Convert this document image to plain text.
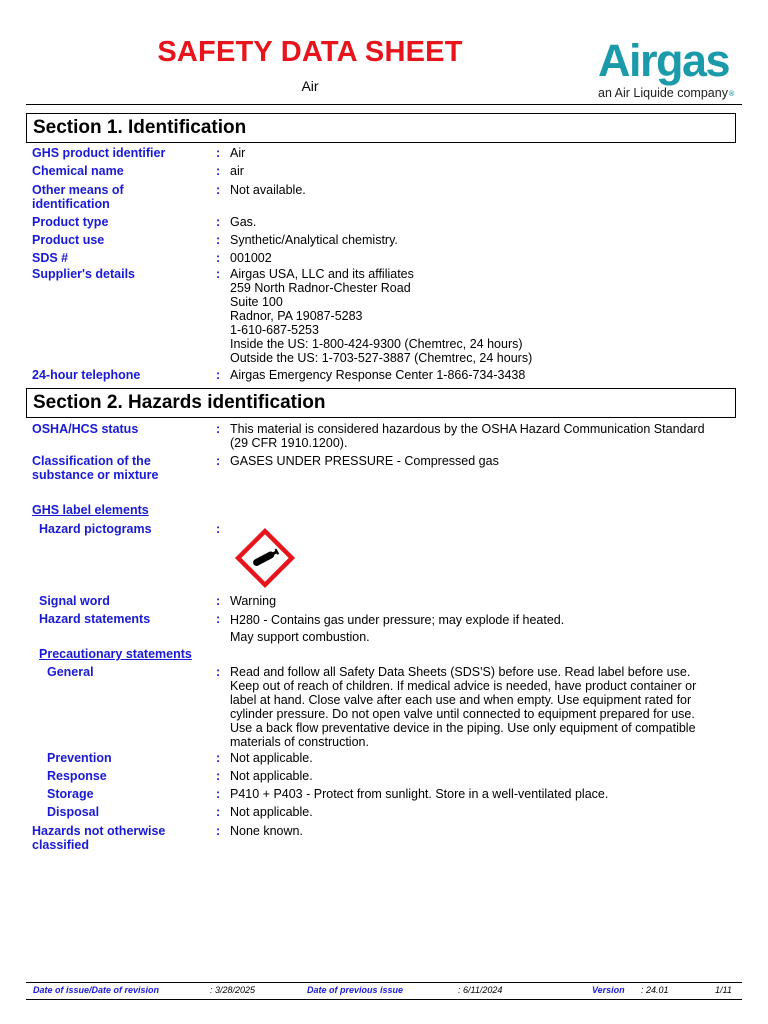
SAFETY DATA SHEET
Air	Airgas®
an Air Liquide company
Section 1. Identification
GHS product identifier	: Air
Chemical name	: air
Other means of
identification
: Not available.
Product type	: Gas.
Product use	: Synthetic/Analytical chemistry.
SDS #	: 001002
Supplier's details	: Airgas USA, LLC and its affiliates
259 North Radnor-Chester Road
Suite 100
Radnor, PA 19087-5283
1-610-687-5253
Inside the US: 1-800-424-9300 (Chemtrec, 24 hours)
Outside the US: 1-703-527-3887 (Chemtrec, 24 hours)
24-hour telephone	: Airgas Emergency Response Center 1-866-734-3438
Section 2. Hazards identification
OSHA/HCS status	: This material is considered hazardous by the OSHA Hazard Communication Standard
(29 CFR 1910.1200).
Classification of the
substance or mixture
: GASES UNDER PRESSURE - Compressed gas
GHS label elements
Hazard pictograms	:
Signal word	: Warning
Hazard statements	: H280 - Contains gas under pressure; may explode if heated.
May support combustion.
Precautionary statements
General	: Read and follow all Safety Data Sheets (SDS'S) before use. Read label before use.
Keep out of reach of children. If medical advice is needed, have product container or
label at hand. Close valve after each use and when empty. Use equipment rated for
cylinder pressure. Do not open valve until connected to equipment prepared for use.
Use a back flow preventative device in the piping. Use only equipment of compatible
materials of construction.
Prevention	: Not applicable.
Response	: Not applicable.
Storage	: P410 + P403 - Protect from sunlight. Store in a well-ventilated place.
Disposal	: Not applicable.
Hazards not otherwise
classified
: None known.
Date of issue/Date of revision	: 3/28/2025	Date of previous issue	: 6/11/2024	Version : 24.01	1/11
